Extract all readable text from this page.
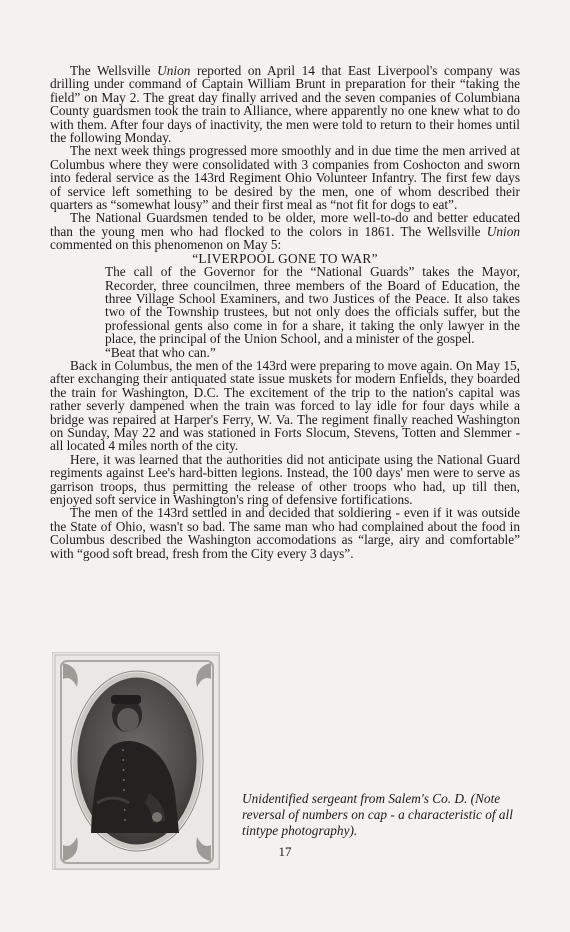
The Wellsville Union reported on April 14 that East Liverpool's company was drilling under command of Captain William Brunt in preparation for their “taking the field” on May 2. The great day finally arrived and the seven companies of Columbiana County guardsmen took the train to Alliance, where apparently no one knew what to do with them. After four days of inactivity, the men were told to return to their homes until the following Monday.

The next week things progressed more smoothly and in due time the men arrived at Columbus where they were consolidated with 3 companies from Coshocton and sworn into federal service as the 143rd Regiment Ohio Volunteer Infantry. The first few days of service left something to be desired by the men, one of whom described their quarters as “somewhat lousy” and their first meal as “not fit for dogs to eat”.

The National Guardsmen tended to be older, more well-to-do and better educated than the young men who had flocked to the colors in 1861. The Wellsville Union commented on this phenomenon on May 5:

“LIVERPOOL GONE TO WAR”

The call of the Governor for the “National Guards” takes the Mayor, Recorder, three councilmen, three members of the Board of Education, the three Village School Examiners, and two Justices of the Peace. It also takes two of the Township trustees, but not only does the officials suffer, but the professional gents also come in for a share, it taking the only lawyer in the place, the principal of the Union School, and a minister of the gospel.

“Beat that who can.”

Back in Columbus, the men of the 143rd were preparing to move again. On May 15, after exchanging their antiquated state issue muskets for modern Enfields, they boarded the train for Washington, D.C. The excitement of the trip to the nation's capital was rather severly dampened when the train was forced to lay idle for four days while a bridge was repaired at Harper's Ferry, W. Va. The regiment finally reached Washington on Sunday, May 22 and was stationed in Forts Slocum, Stevens, Totten and Slemmer - all located 4 miles north of the city.

Here, it was learned that the authorities did not anticipate using the National Guard regiments against Lee's hard-bitten legions. Instead, the 100 days' men were to serve as garrison troops, thus permitting the release of other troops who had, up till then, enjoyed soft service in Washington's ring of defensive fortifications.

The men of the 143rd settled in and decided that soldiering - even if it was outside the State of Ohio, wasn't so bad. The same man who had complained about the food in Columbus described the Washington accomodations as “large, airy and comfortable” with “good soft bread, fresh from the City every 3 days”.

Unidentified sergeant from Salem's Co. D. (Note reversal of numbers on cap - a characteristic of all tintype photography).
17
